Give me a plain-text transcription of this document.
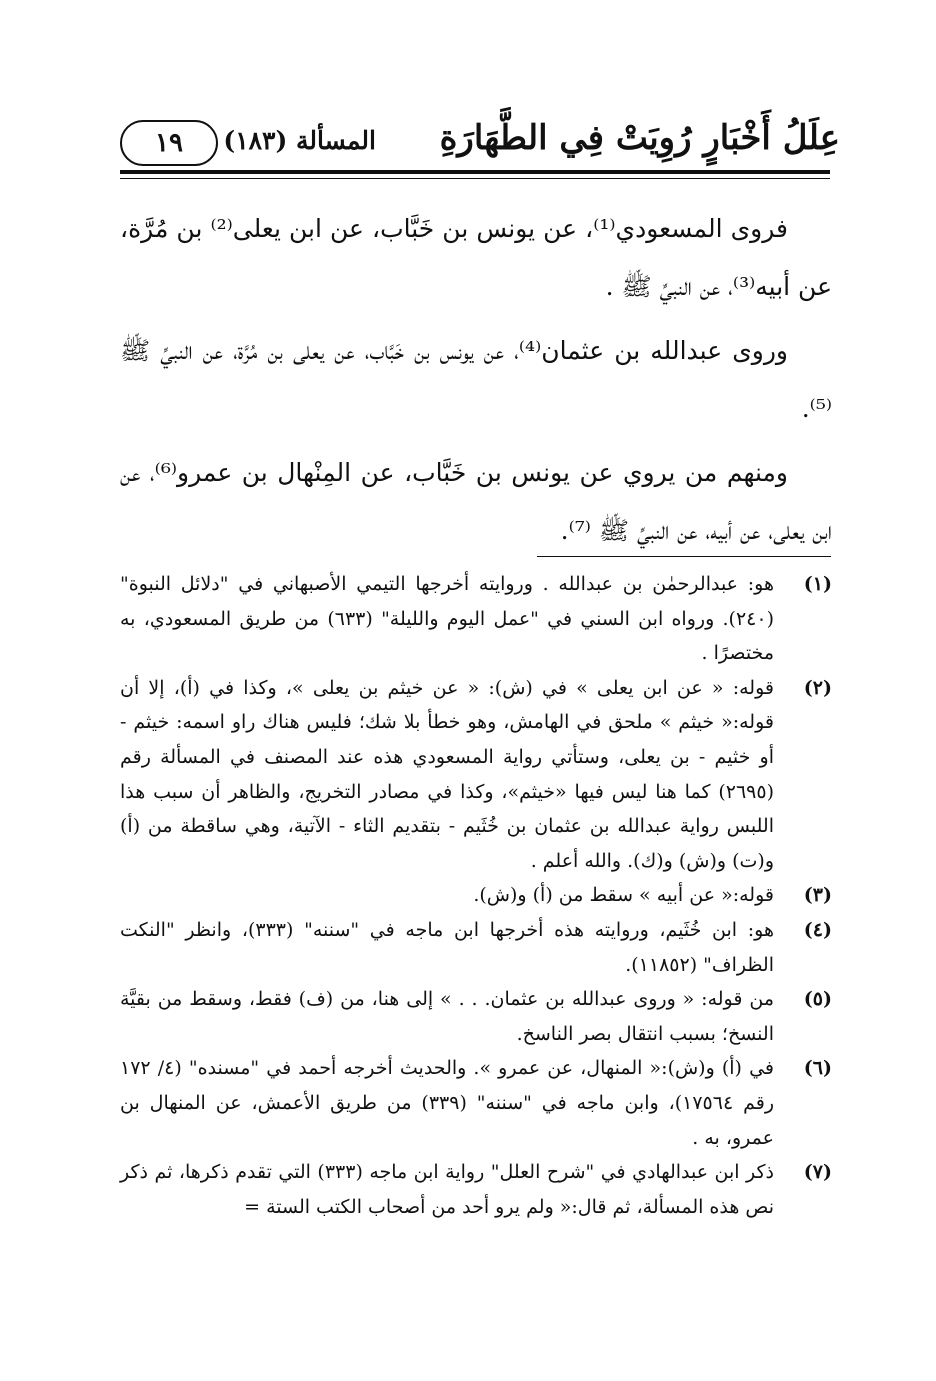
عِلَلُ أَخْبَارٍ رُوِيَتْ فِي الطَّهَارَةِ
المسألة (١٨٣)
١٩

فروى المسعودي⁽¹⁾، عن يونس بن خَبَّاب، عن ابن يعلى⁽²⁾ بن مُرَّة، عن أبيه⁽³⁾، عن النبيِّ ﷺ .

وروى عبدالله بن عثمان⁽⁴⁾، عن يونس بن خَبَّاب، عن يعلى بن مُرَّة، عن النبيِّ ﷺ ⁽⁵⁾.

ومنهم من يروي عن يونس بن خَبَّاب، عن المِنْهال بن عمرو⁽⁶⁾، عن ابن يعلى، عن أبيه، عن النبيِّ ﷺ ⁽⁷⁾.

(١)
هو: عبدالرحمٰن بن عبدالله . وروايته أخرجها التيمي الأصبهاني في "دلائل النبوة" (٢٤٠). ورواه ابن السني في "عمل اليوم والليلة" (٦٣٣) من طريق المسعودي، به مختصرًا .
(٢)
قوله: « عن ابن يعلى » في (ش): « عن خيثم بن يعلى »، وكذا في (أ)، إلا أن قوله:« خيثم » ملحق في الهامش، وهو خطأ بلا شك؛ فليس هناك راو اسمه: خيثم - أو خثيم - بن يعلى، وستأتي رواية المسعودي هذه عند المصنف في المسألة رقم (٢٦٩٥) كما هنا ليس فيها «خيثم»، وكذا في مصادر التخريج، والظاهر أن سبب هذا اللبس رواية عبدالله بن عثمان بن خُثَيم - بتقديم الثاء - الآتية، وهي ساقطة من (أ) و(ت) و(ش) و(ك). والله أعلم .
(٣)
قوله:« عن أبيه » سقط من (أ) و(ش).
(٤)
هو: ابن خُثَيم، وروايته هذه أخرجها ابن ماجه في "سننه" (٣٣٣)، وانظر "النكت الظراف" (١١٨٥٢).
(٥)
من قوله: « وروى عبدالله بن عثمان. . . » إلى هنا، من (ف) فقط، وسقط من بقيَّة النسخ؛ بسبب انتقال بصر الناسخ.
(٦)
في (أ) و(ش):« المنهال، عن عمرو ». والحديث أخرجه أحمد في "مسنده" (٤/ ١٧٢ رقم ١٧٥٦٤)، وابن ماجه في "سننه" (٣٣٩) من طريق الأعمش، عن المنهال بن عمرو، به .
(٧)
ذكر ابن عبدالهادي في "شرح العلل" رواية ابن ماجه (٣٣٣) التي تقدم ذكرها، ثم ذكر نص هذه المسألة، ثم قال:« ولم يرو أحد من أصحاب الكتب الستة =
